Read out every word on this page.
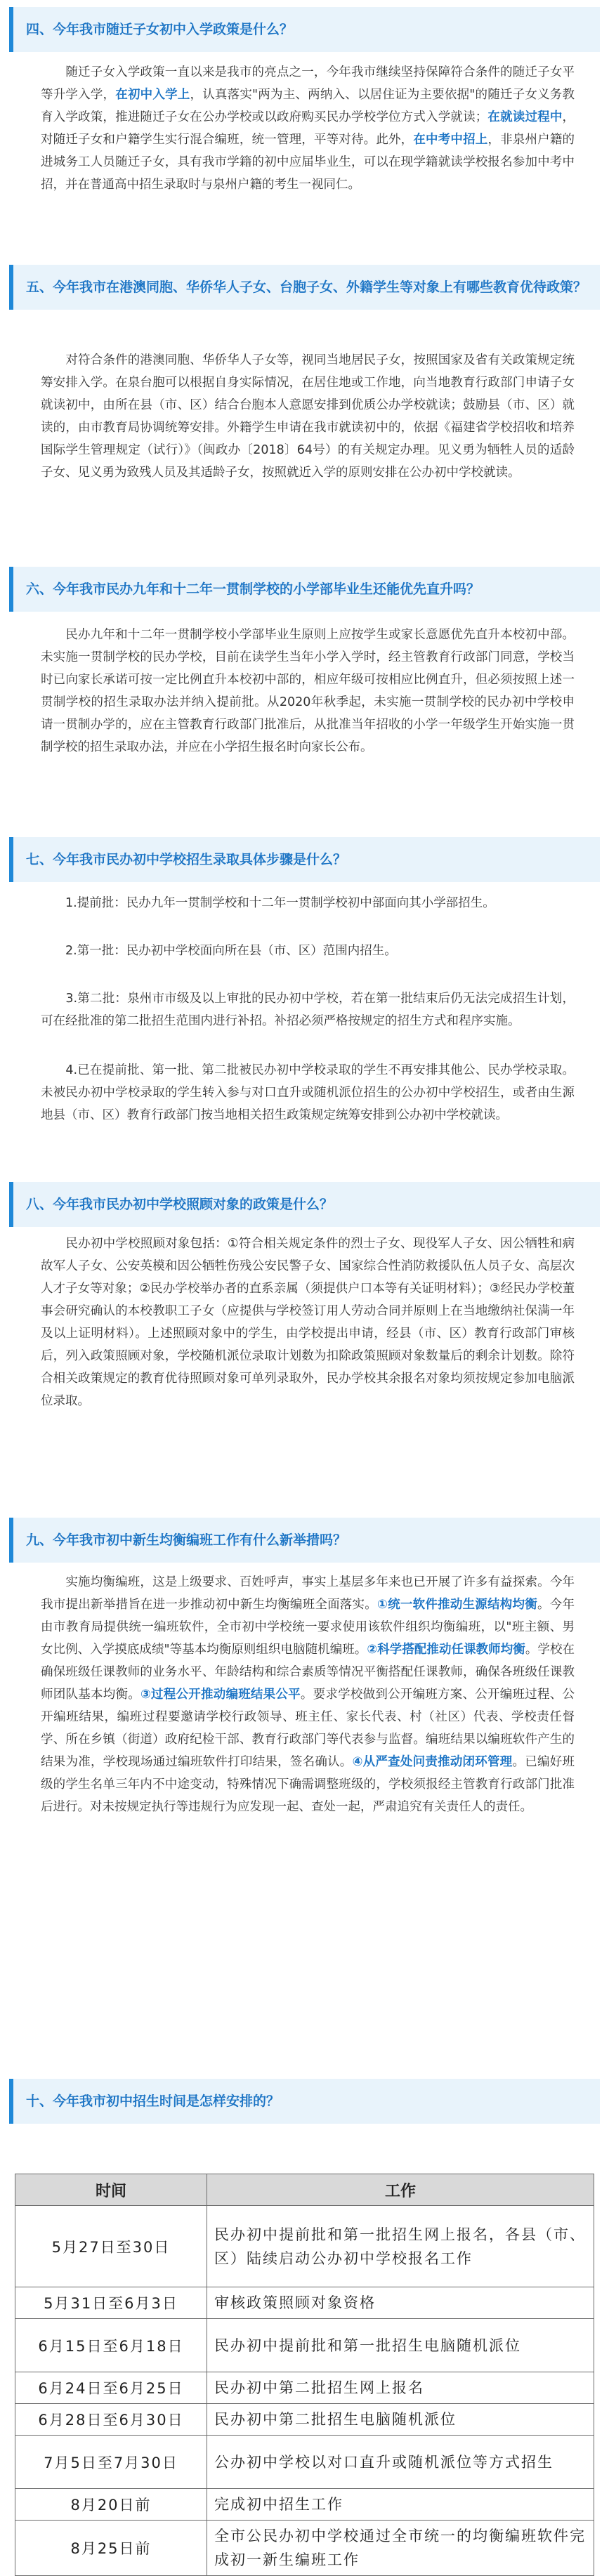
四、今年我市随迁子女初中入学政策是什么？
　　随迁子女入学政策一直以来是我市的亮点之一，今年我市继续坚持保障符合条件的随迁子女平等升学入学，在初中入学上，认真落实"两为主、两纳入、以居住证为主要依据"的随迁子女义务教育入学政策，推进随迁子女在公办学校或以政府购买民办学校学位方式入学就读；在就读过程中，对随迁子女和户籍学生实行混合编班，统一管理，平等对待。此外，在中考中招上，非泉州户籍的进城务工人员随迁子女，具有我市学籍的初中应届毕业生，可以在现学籍就读学校报名参加中考中招，并在普通高中招生录取时与泉州户籍的考生一视同仁。
五、今年我市在港澳同胞、华侨华人子女、台胞子女、外籍学生等对象上有哪些教育优待政策？
　　对符合条件的港澳同胞、华侨华人子女等，视同当地居民子女，按照国家及省有关政策规定统筹安排入学。在泉台胞可以根据自身实际情况，在居住地或工作地，向当地教育行政部门申请子女就读初中，由所在县（市、区）结合台胞本人意愿安排到优质公办学校就读；鼓励县（市、区）就读的，由市教育局协调统筹安排。外籍学生申请在我市就读初中的，依据《福建省学校招收和培养国际学生管理规定（试行）》（闽政办〔2018〕64号）的有关规定办理。见义勇为牺牲人员的适龄子女、见义勇为致残人员及其适龄子女，按照就近入学的原则安排在公办初中学校就读。
六、今年我市民办九年和十二年一贯制学校的小学部毕业生还能优先直升吗？
　　民办九年和十二年一贯制学校小学部毕业生原则上应按学生或家长意愿优先直升本校初中部。未实施一贯制学校的民办学校，目前在读学生当年小学入学时，经主管教育行政部门同意，学校当时已向家长承诺可按一定比例直升本校初中部的，相应年级可按相应比例直升，但必须按照上述一贯制学校的招生录取办法并纳入提前批。从2020年秋季起，未实施一贯制学校的民办初中学校申请一贯制办学的，应在主管教育行政部门批准后，从批准当年招收的小学一年级学生开始实施一贯制学校的招生录取办法，并应在小学招生报名时向家长公布。
七、今年我市民办初中学校招生录取具体步骤是什么？
　　1.提前批：民办九年一贯制学校和十二年一贯制学校初中部面向其小学部招生。
　　2.第一批：民办初中学校面向所在县（市、区）范围内招生。
　　3.第二批：泉州市市级及以上审批的民办初中学校，若在第一批结束后仍无法完成招生计划，可在经批准的第二批招生范围内进行补招。补招必须严格按规定的招生方式和程序实施。
　　4.已在提前批、第一批、第二批被民办初中学校录取的学生不再安排其他公、民办学校录取。未被民办初中学校录取的学生转入参与对口直升或随机派位招生的公办初中学校招生，或者由生源地县（市、区）教育行政部门按当地相关招生政策规定统筹安排到公办初中学校就读。
八、今年我市民办初中学校照顾对象的政策是什么？
　　民办初中学校照顾对象包括：①符合相关规定条件的烈士子女、现役军人子女、因公牺牲和病故军人子女、公安英模和因公牺牲伤残公安民警子女、国家综合性消防救援队伍人员子女、高层次人才子女等对象；②民办学校举办者的直系亲属（须提供户口本等有关证明材料）；③经民办学校董事会研究确认的本校教职工子女（应提供与学校签订用人劳动合同并原则上在当地缴纳社保满一年及以上证明材料）。上述照顾对象中的学生，由学校提出申请，经县（市、区）教育行政部门审核后，列入政策照顾对象，学校随机派位录取计划数为扣除政策照顾对象数量后的剩余计划数。除符合相关政策规定的教育优待照顾对象可单列录取外，民办学校其余报名对象均须按规定参加电脑派位录取。
九、今年我市初中新生均衡编班工作有什么新举措吗？
　　实施均衡编班，这是上级要求、百姓呼声，事实上基层多年来也已开展了许多有益探索。今年我市提出新举措旨在进一步推动初中新生均衡编班全面落实。①统一软件推动生源结构均衡。今年由市教育局提供统一编班软件，全市初中学校统一要求使用该软件组织均衡编班，以"班主额、男女比例、入学摸底成绩"等基本均衡原则组织电脑随机编班。②科学搭配推动任课教师均衡。学校在确保班级任课教师的业务水平、年龄结构和综合素质等情况平衡搭配任课教师，确保各班级任课教师团队基本均衡。③过程公开推动编班结果公平。要求学校做到公开编班方案、公开编班过程、公开编班结果，编班过程要邀请学校行政领导、班主任、家长代表、村（社区）代表、学校责任督学、所在乡镇（街道）政府纪检干部、教育行政部门等代表参与监督。编班结果以编班软件产生的结果为准，学校现场通过编班软件打印结果，签名确认。④从严查处问责推动闭环管理。已编好班级的学生名单三年内不中途变动，特殊情况下确需调整班级的，学校须报经主管教育行政部门批准后进行。对未按规定执行等违规行为应发现一起、查处一起，严肃追究有关责任人的责任。
十、今年我市初中招生时间是怎样安排的？
时间	工作
5月27日至30日	民办初中提前批和第一批招生网上报名，各县（市、区）陆续启动公办初中学校报名工作
5月31日至6月3日	审核政策照顾对象资格
6月15日至6月18日	民办初中提前批和第一批招生电脑随机派位
6月24日至6月25日	民办初中第二批招生网上报名
6月28日至6月30日	民办初中第二批招生电脑随机派位
7月5日至7月30日	公办初中学校以对口直升或随机派位等方式招生
8月20日前	完成初中招生工作
8月25日前	全市公民办初中学校通过全市统一的均衡编班软件完成初一新生编班工作
